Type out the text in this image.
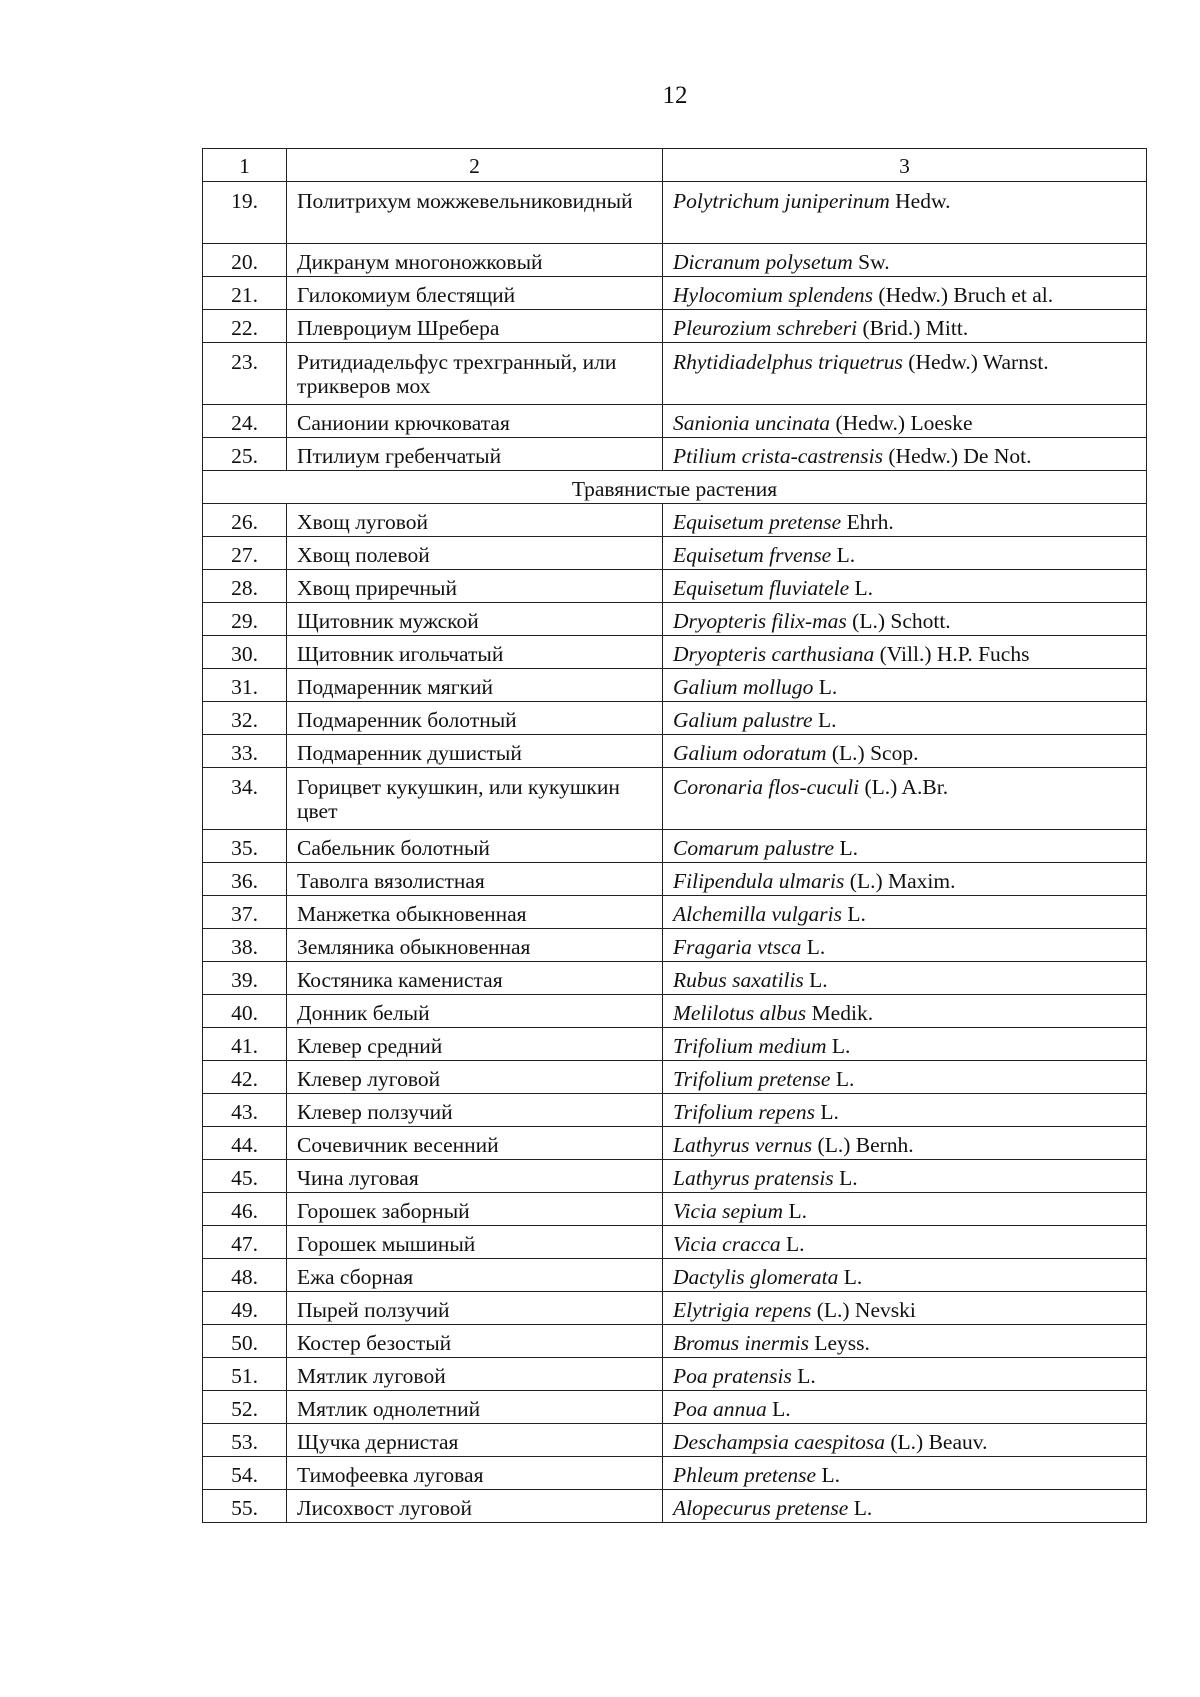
12
1	2	3
19.	Политрихум можжевельниковидный	Polytrichum juniperinum Hedw.
20.	Дикранум многоножковый	Dicranum polysetum Sw.
21.	Гилокомиум блестящий	Hylocomium splendens (Hedw.) Bruch et al.
22.	Плевроциум Шребера	Pleurozium schreberi (Brid.) Mitt.
23.	Ритидиадельфус трехгранный, или трикверов мох	Rhytidiadelphus triquetrus (Hedw.) Warnst.
24.	Санионии крючковатая	Sanionia uncinata (Hedw.) Loeske
25.	Птилиум гребенчатый	Ptilium crista-castrensis (Hedw.) De Not.
Травянистые растения		
26.	Хвощ луговой	Equisetum pretense Ehrh.
27.	Хвощ полевой	Equisetum frvense L.
28.	Хвощ приречный	Equisetum fluviatele L.
29.	Щитовник мужской	Dryopteris filix-mas (L.) Schott.
30.	Щитовник игольчатый	Dryopteris carthusiana (Vill.) H.P. Fuchs
31.	Подмаренник мягкий	Galium mollugo L.
32.	Подмаренник болотный	Galium palustre L.
33.	Подмаренник душистый	Galium odoratum (L.) Scop.
34.	Горицвет кукушкин, или кукушкин цвет	Coronaria flos-cuculi (L.) A.Br.
35.	Сабельник болотный	Comarum palustre L.
36.	Таволга вязолистная	Filipendula ulmaris (L.) Maxim.
37.	Манжетка обыкновенная	Alchemilla vulgaris L.
38.	Земляника обыкновенная	Fragaria vtsca L.
39.	Костяника каменистая	Rubus saxatilis L.
40.	Донник белый	Melilotus albus Medik.
41.	Клевер средний	Trifolium medium L.
42.	Клевер луговой	Trifolium pretense L.
43.	Клевер ползучий	Trifolium repens L.
44.	Сочевичник весенний	Lathyrus vernus (L.) Bernh.
45.	Чина луговая	Lathyrus pratensis L.
46.	Горошек заборный	Vicia sepium L.
47.	Горошек мышиный	Vicia cracca L.
48.	Ежа сборная	Dactylis glomerata L.
49.	Пырей ползучий	Elytrigia repens (L.) Nevski
50.	Костер безостый	Bromus inermis Leyss.
51.	Мятлик луговой	Poa pratensis L.
52.	Мятлик однолетний	Poa annua L.
53.	Щучка дернистая	Deschampsia caespitosa (L.) Beauv.
54.	Тимофеевка луговая	Phleum pretense L.
55.	Лисохвост луговой	Alopecurus pretense L.
